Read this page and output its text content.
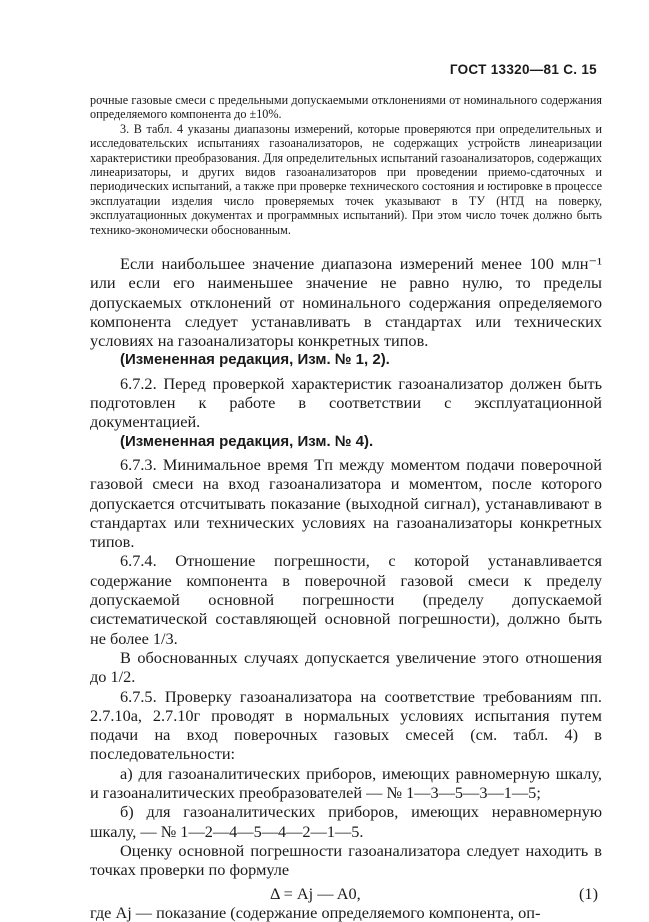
ГОСТ 13320—81 С. 15

рочные газовые смеси с предельными допускаемыми отклонениями от номинального содержания определяемого компонента до ±10%.

3. В табл. 4 указаны диапазоны измерений, которые проверяются при определительных и исследовательских испытаниях газоанализаторов, не содержащих устройств линеаризации характеристики преобразования. Для определительных испытаний газоанализаторов, содержащих линеаризаторы, и других видов газоанализаторов при проведении приемо-сдаточных и периодических испытаний, а также при проверке технического состояния и юстировке в процессе эксплуатации изделия число проверяемых точек указывают в ТУ (НТД на поверку, эксплуатационных документах и программных испытаний). При этом число точек должно быть технико-экономически обоснованным.

Если наибольшее значение диапазона измерений менее 100 млн⁻¹ или если его наименьшее значение не равно нулю, то пределы допускаемых отклонений от номинального содержания определяемого компонента следует устанавливать в стандартах или технических условиях на газоанализаторы конкретных типов.

(Измененная редакция, Изм. № 1, 2).

6.7.2. Перед проверкой характеристик газоанализатор должен быть подготовлен к работе в соответствии с эксплуатационной документацией.

(Измененная редакция, Изм. № 4).

6.7.3. Минимальное время Tп между моментом подачи поверочной газовой смеси на вход газоанализатора и моментом, после которого допускается отсчитывать показание (выходной сигнал), устанавливают в стандартах или технических условиях на газоанализаторы конкретных типов.

6.7.4. Отношение погрешности, с которой устанавливается содержание компонента в поверочной газовой смеси к пределу допускаемой основной погрешности (пределу допускаемой систематической составляющей основной погрешности), должно быть не более 1/3.

В обоснованных случаях допускается увеличение этого отношения до 1/2.

6.7.5. Проверку газоанализатора на соответствие требованиям пп. 2.7.10а, 2.7.10г проводят в нормальных условиях испытания путем подачи на вход поверочных газовых смесей (см. табл. 4) в последовательности:

а) для газоаналитических приборов, имеющих равномерную шкалу, и газоаналитических преобразователей — № 1—3—5—3—1—5;

б) для газоаналитических приборов, имеющих неравномерную шкалу, — № 1—2—4—5—4—2—1—5.

Оценку основной погрешности газоанализатора следует находить в точках проверки по формуле

Δ = Aj — A0,	(1)

где Aj — показание (содержание определяемого компонента, оп-
